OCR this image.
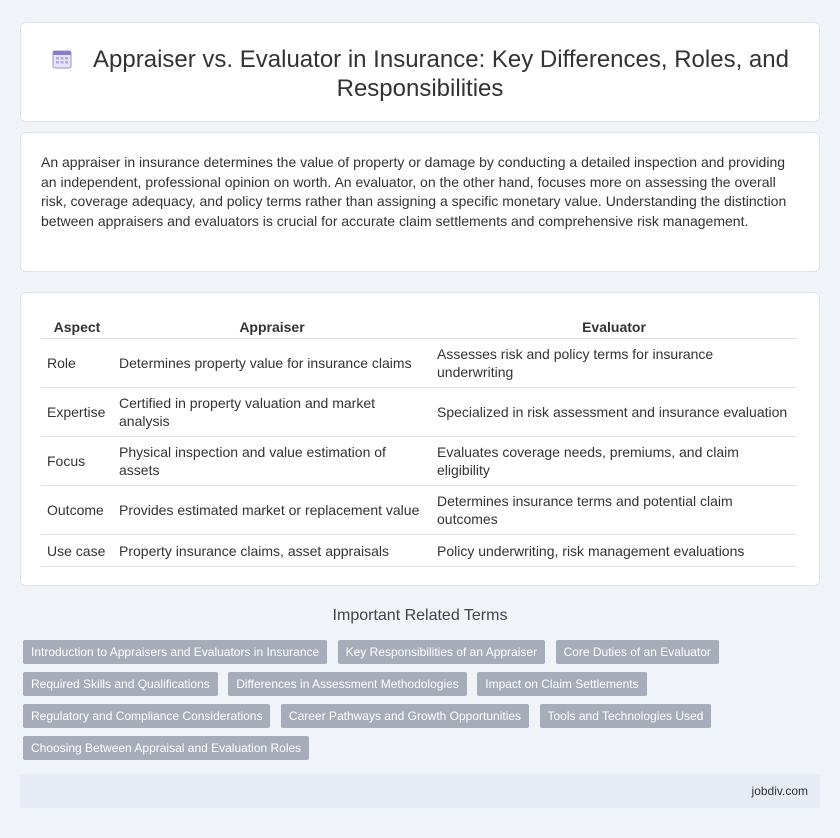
Appraiser vs. Evaluator in Insurance: Key Differences, Roles, and Responsibilities

An appraiser in insurance determines the value of property or damage by conducting a detailed inspection and providing an independent, professional opinion on worth. An evaluator, on the other hand, focuses more on assessing the overall risk, coverage adequacy, and policy terms rather than assigning a specific monetary value. Understanding the distinction between appraisers and evaluators is crucial for accurate claim settlements and comprehensive risk management.

Aspect	Appraiser	Evaluator
Role	Determines property value for insurance claims	Assesses risk and policy terms for insurance underwriting
Expertise	Certified in property valuation and market analysis	Specialized in risk assessment and insurance evaluation
Focus	Physical inspection and value estimation of assets	Evaluates coverage needs, premiums, and claim eligibility
Outcome	Provides estimated market or replacement value	Determines insurance terms and potential claim outcomes
Use case	Property insurance claims, asset appraisals	Policy underwriting, risk management evaluations
Important Related Terms
Introduction to Appraisers and Evaluators in Insurance Key Responsibilities of an Appraiser Core Duties of an Evaluator
Required Skills and Qualifications Differences in Assessment Methodologies Impact on Claim Settlements
Regulatory and Compliance Considerations Career Pathways and Growth Opportunities Tools and Technologies Used
Choosing Between Appraisal and Evaluation Roles
jobdiv.com
